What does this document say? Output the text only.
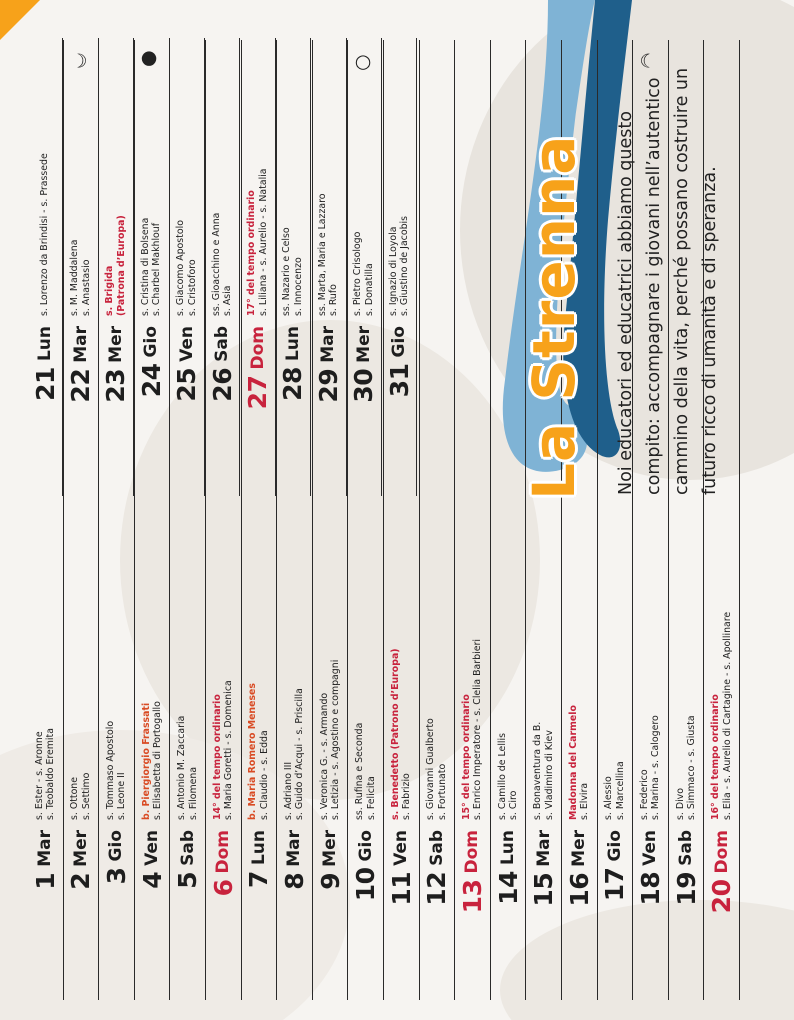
1
Mar
s. Ester - s. Aronne s. Teobaldo Eremita
2
Mer
s. Ottone s. Settimo
☽
3
Gio
s. Tommaso Apostolo s. Leone II
4
Ven
b. Piergiorgio Frassati s. Elisabetta di Portogallo
5
Sab
s. Antonio M. Zaccaria s. Filomena
6
Dom
14° del tempo ordinario s. Maria Goretti - s. Domenica
7
Lun
b. Maria Romero Meneses s. Claudio - s. Edda
8
Mar
s. Adriano III s. Guido d’Acqui - s. Priscilla
9
Mer
s. Veronica G. - s. Armando s. Letizia - s. Agostino e compagni
10
Gio
ss. Rufina e Seconda s. Felicita
○
11
Ven
s. Benedetto (Patrono d’Europa) s. Fabrizio
12
Sab
s. Giovanni Gualberto s. Fortunato
13
Dom
15° del tempo ordinario s. Enrico Imperatore - s. Clelia Barbieri
14
Lun
s. Camillo de Lellis s. Ciro
15
Mar
s. Bonaventura da B. s. Vladimiro di Kiev
16
Mer
Madonna del Carmelo s. Elvira
17
Gio
s. Alessio s. Marcellina
18
Ven
s. Federico s. Marina - s. Calogero
☾
19
Sab
s. Divo s. Simmaco - s. Giusta
20
Dom
16° del tempo ordinario s. Elia - s. Aurelio di Cartagine - s. Apollinare
21
Lun
s. Lorenzo da Brindisi - s. Prassede
22
Mar
s. M. Maddalena s. Anastasio
23
Mer
s. Brigida (Patrona d’Europa)
24
Gio
s. Cristina di Bolsena s. Charbel Makhlouf
●
25
Ven
s. Giacomo Apostolo s. Cristoforo
26
Sab
ss. Gioacchino e Anna s. Asia
27
Dom
17° del tempo ordinario s. Liliana - s. Aurelio - s. Natalia
28
Lun
ss. Nazario e Celso s. Innocenzo
29
Mar
ss. Marta, Maria e Lazzaro s. Rufo
30
Mer
s. Pietro Crisologo s. Donatilla
31
Gio
s. Ignazio di Loyola s. Giustino de Jacobis La Strenna Noi educatori ed educatrici abbiamo questo compito: accompagnare i giovani nell’autentico cammino della vita, perché possano costruire un futuro ricco di umanità e di speranza.
